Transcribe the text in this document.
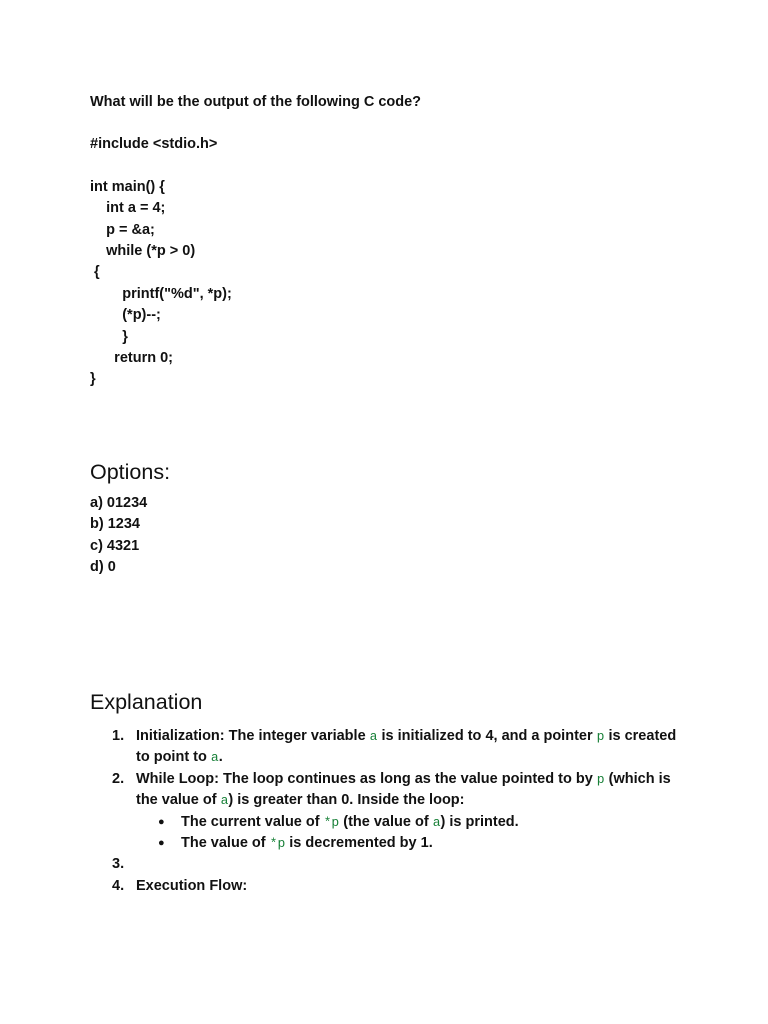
What will be the output of the following C code?

#include <stdio.h>
int main() {
int a = 4;
p = &a;
while (*p > 0)
{
printf("%d", *p);
(*p)--;
}
return 0;
}
Options:
a) 01234
b) 1234
c) 4321
d) 0
Explanation
1. Initialization: The integer variable a is initialized to 4, and a pointer p is created to point to a.
2. While Loop: The loop continues as long as the value pointed to by p (which is the value of a) is greater than 0. Inside the loop:
● The current value of *p (the value of a) is printed.
● The value of *p is decremented by 1.
3.

4. Execution Flow:
